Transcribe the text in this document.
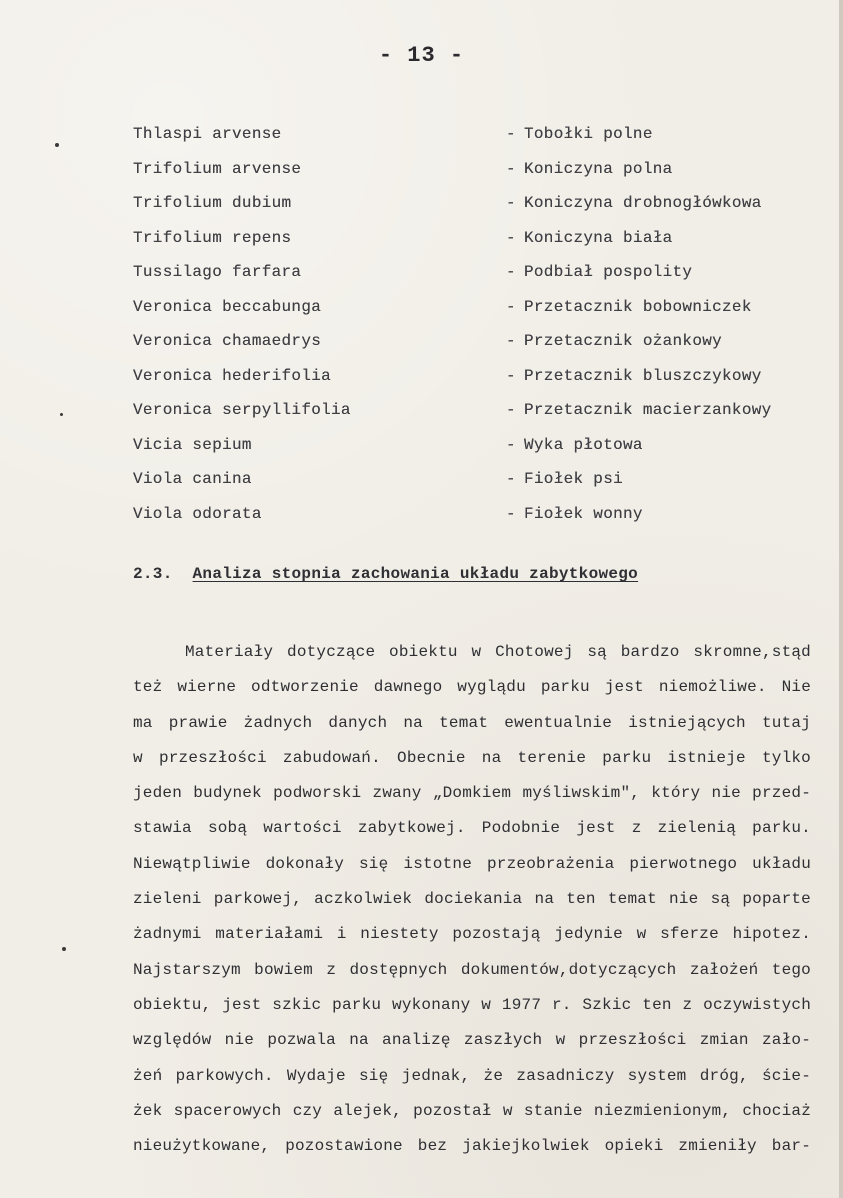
- 13 -
Thlaspi arvense	- Tobołki polne
Trifolium arvense	- Koniczyna polna
Trifolium dubium	- Koniczyna drobnogłówkowa
Trifolium repens	- Koniczyna biała
Tussilago farfara	- Podbiał pospolity
Veronica beccabunga	- Przetacznik bobowniczek
Veronica chamaedrys	- Przetacznik ożankowy
Veronica hederifolia	- Przetacznik bluszczykowy
Veronica serpyllifolia	- Przetacznik macierzankowy
Vicia sepium	- Wyka płotowa
Viola canina	- Fiołek psi
Viola odorata	- Fiołek wonny
2.3. Analiza stopnia zachowania układu zabytkowego
Materiały dotyczące obiektu w Chotowej są bardzo skromne,stąd
też wierne odtworzenie dawnego wyglądu parku jest niemożliwe. Nie
ma prawie żadnych danych na temat ewentualnie istniejących tutaj
w przeszłości zabudowań. Obecnie na terenie parku istnieje tylko
jeden budynek podworski zwany „Domkiem myśliwskim", który nie przed-
stawia sobą wartości zabytkowej. Podobnie jest z zielenią parku.
Niewątpliwie dokonały się istotne przeobrażenia pierwotnego układu
zieleni parkowej, aczkolwiek dociekania na ten temat nie są poparte
żadnymi materiałami i niestety pozostają jedynie w sferze hipotez.
Najstarszym bowiem z dostępnych dokumentów,dotyczących założeń tego
obiektu, jest szkic parku wykonany w 1977 r. Szkic ten z oczywistych
względów nie pozwala na analizę zaszłych w przeszłości zmian zało-
żeń parkowych. Wydaje się jednak, że zasadniczy system dróg, ście-
żek spacerowych czy alejek, pozostał w stanie niezmienionym, chociaż
nieużytkowane, pozostawione bez jakiejkolwiek opieki zmieniły bar-
